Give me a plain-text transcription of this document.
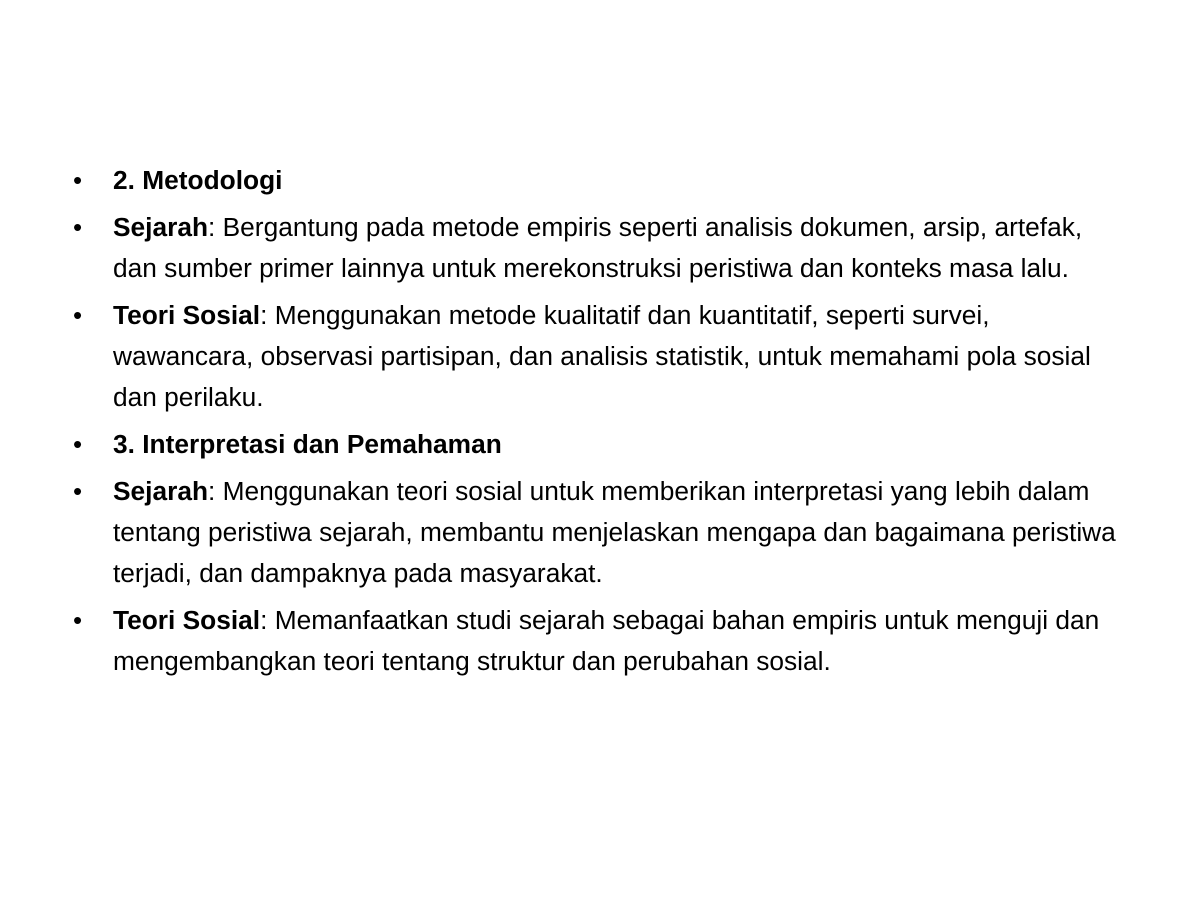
• 2. Metodologi
• Sejarah: Bergantung pada metode empiris seperti analisis dokumen, arsip, artefak, dan sumber primer lainnya untuk merekonstruksi peristiwa dan konteks masa lalu.
• Teori Sosial: Menggunakan metode kualitatif dan kuantitatif, seperti survei, wawancara, observasi partisipan, dan analisis statistik, untuk memahami pola sosial dan perilaku.
• 3. Interpretasi dan Pemahaman
• Sejarah: Menggunakan teori sosial untuk memberikan interpretasi yang lebih dalam tentang peristiwa sejarah, membantu menjelaskan mengapa dan bagaimana peristiwa terjadi, dan dampaknya pada masyarakat.
• Teori Sosial: Memanfaatkan studi sejarah sebagai bahan empiris untuk menguji dan mengembangkan teori tentang struktur dan perubahan sosial.
